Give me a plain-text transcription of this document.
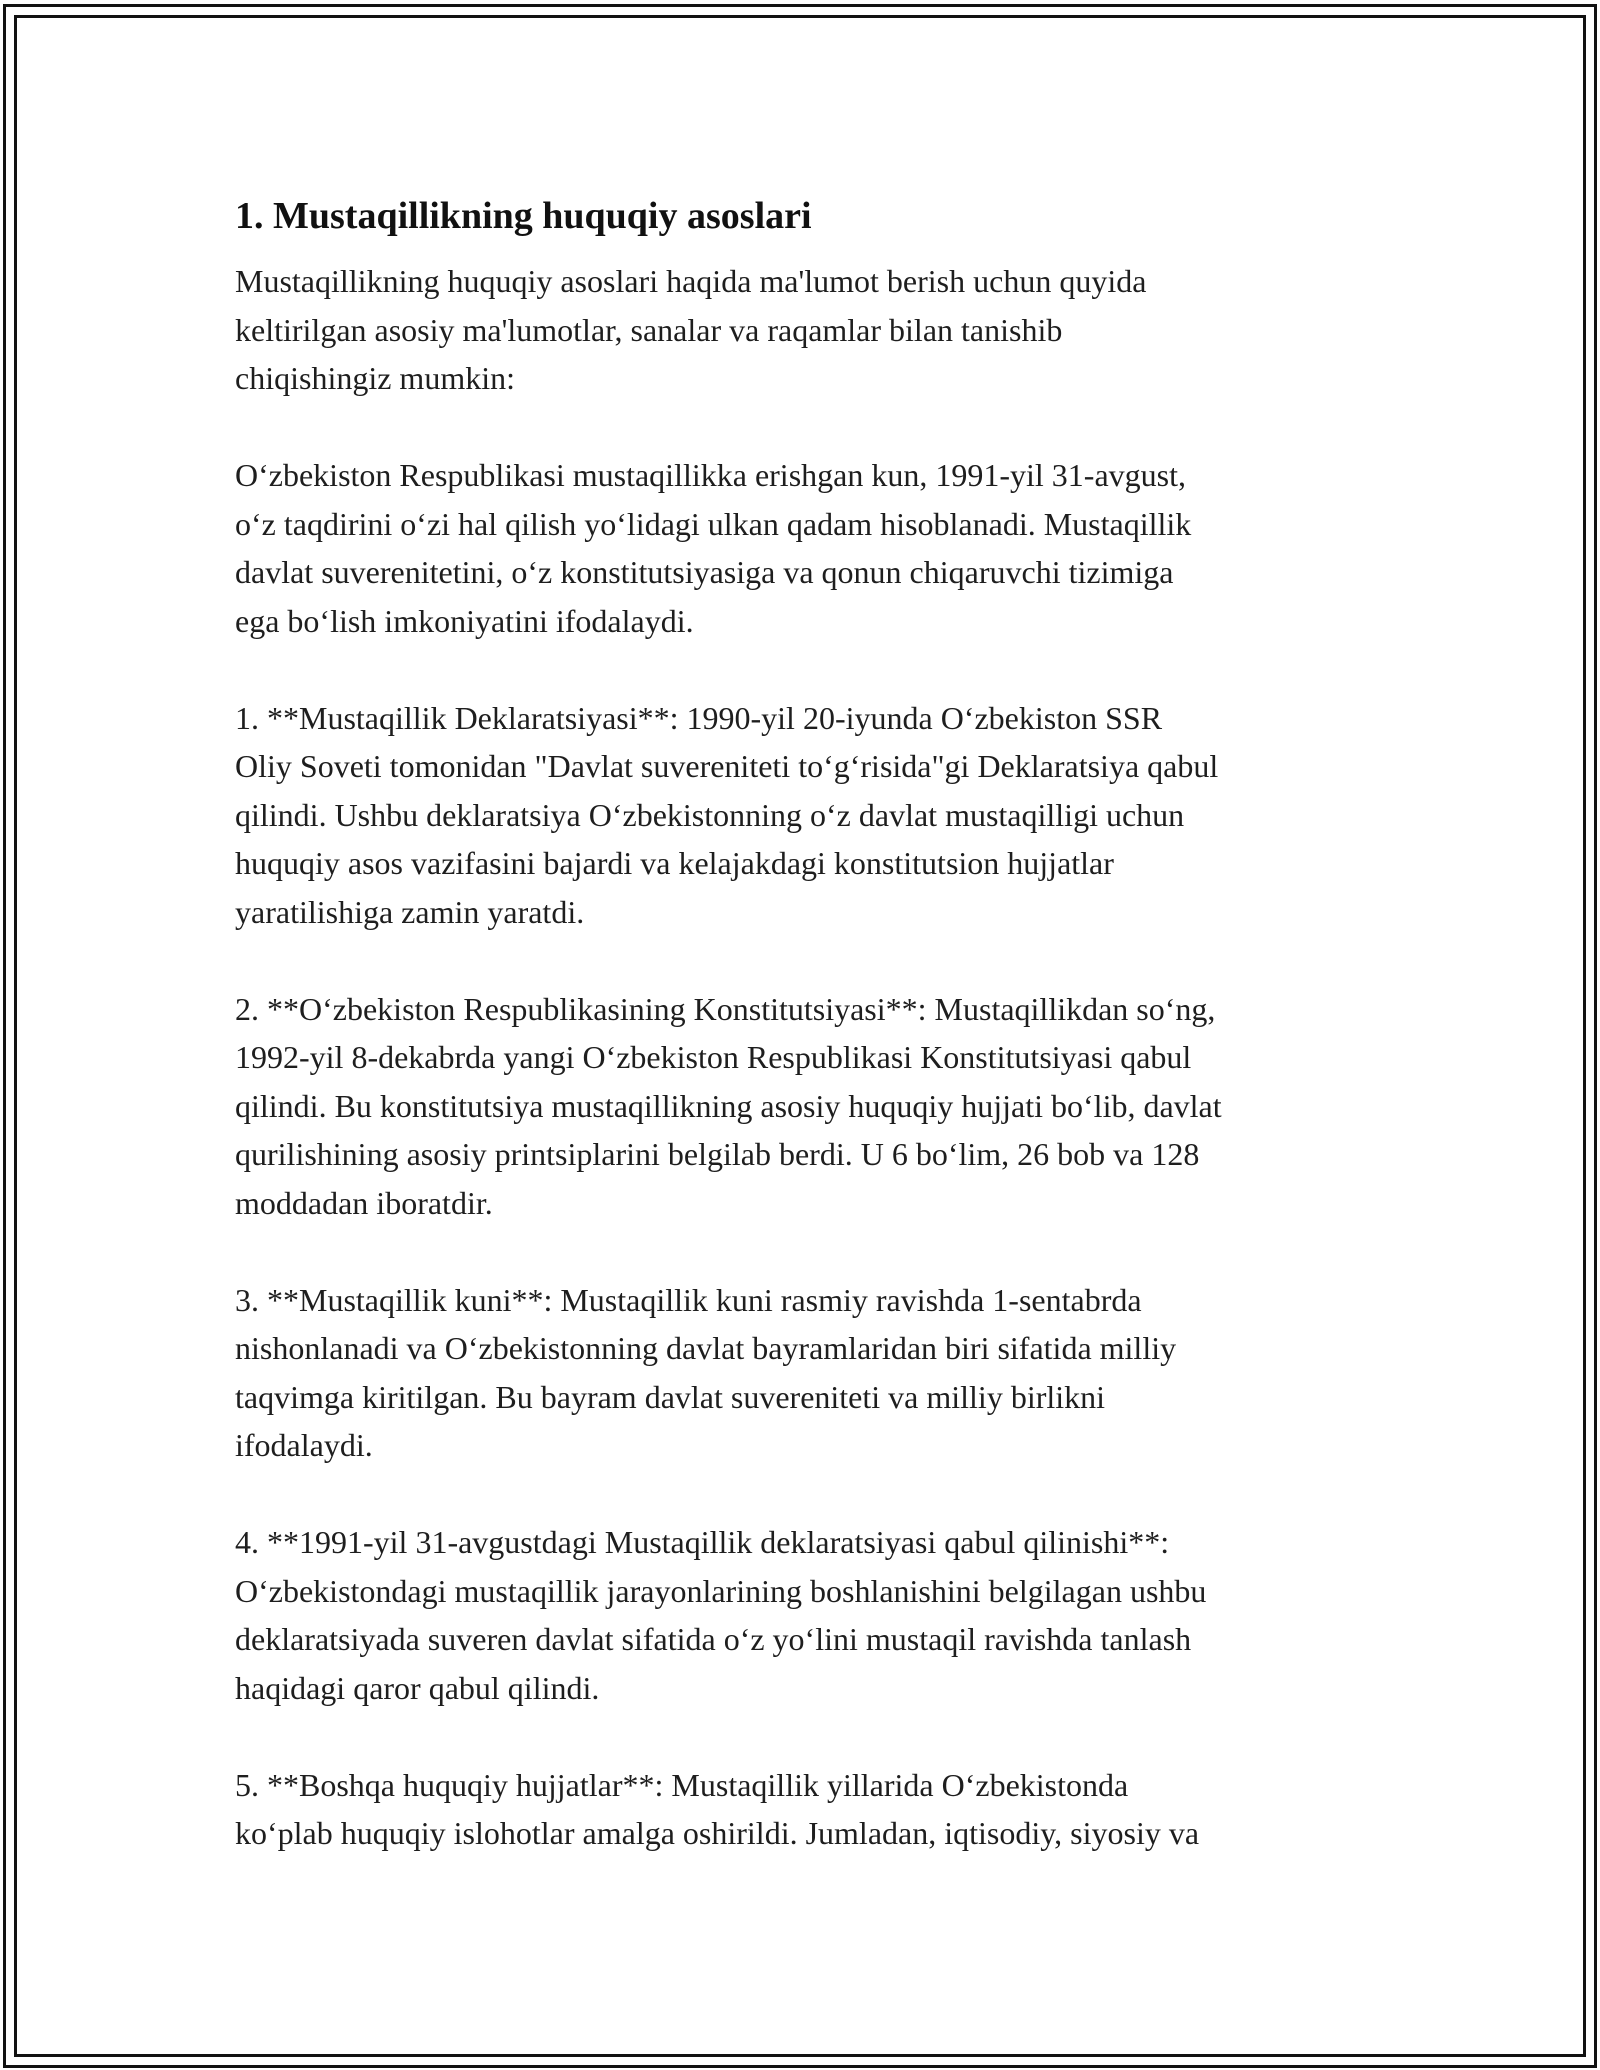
1. Mustaqillikning huquqiy asoslari

Mustaqillikning huquqiy asoslari haqida ma'lumot berish uchun quyida
keltirilgan asosiy ma'lumotlar, sanalar va raqamlar bilan tanishib
chiqishingiz mumkin:

Oʻzbekiston Respublikasi mustaqillikka erishgan kun, 1991-yil 31-avgust,
oʻz taqdirini oʻzi hal qilish yoʻlidagi ulkan qadam hisoblanadi. Mustaqillik
davlat suverenitetini, oʻz konstitutsiyasiga va qonun chiqaruvchi tizimiga
ega boʻlish imkoniyatini ifodalaydi.

1. **Mustaqillik Deklaratsiyasi**: 1990-yil 20-iyunda Oʻzbekiston SSR
Oliy Soveti tomonidan "Davlat suvereniteti toʻgʻrisida"gi Deklaratsiya qabul
qilindi. Ushbu deklaratsiya Oʻzbekistonning oʻz davlat mustaqilligi uchun
huquqiy asos vazifasini bajardi va kelajakdagi konstitutsion hujjatlar
yaratilishiga zamin yaratdi.

2. **Oʻzbekiston Respublikasining Konstitutsiyasi**: Mustaqillikdan soʻng,
1992-yil 8-dekabrda yangi Oʻzbekiston Respublikasi Konstitutsiyasi qabul
qilindi. Bu konstitutsiya mustaqillikning asosiy huquqiy hujjati boʻlib, davlat
qurilishining asosiy printsiplarini belgilab berdi. U 6 boʻlim, 26 bob va 128
moddadan iboratdir.

3. **Mustaqillik kuni**: Mustaqillik kuni rasmiy ravishda 1-sentabrda
nishonlanadi va Oʻzbekistonning davlat bayramlaridan biri sifatida milliy
taqvimga kiritilgan. Bu bayram davlat suvereniteti va milliy birlikni
ifodalaydi.

4. **1991-yil 31-avgustdagi Mustaqillik deklaratsiyasi qabul qilinishi**:
Oʻzbekistondagi mustaqillik jarayonlarining boshlanishini belgilagan ushbu
deklaratsiyada suveren davlat sifatida oʻz yoʻlini mustaqil ravishda tanlash
haqidagi qaror qabul qilindi.

5. **Boshqa huquqiy hujjatlar**: Mustaqillik yillarida Oʻzbekistonda
koʻplab huquqiy islohotlar amalga oshirildi. Jumladan, iqtisodiy, siyosiy va
